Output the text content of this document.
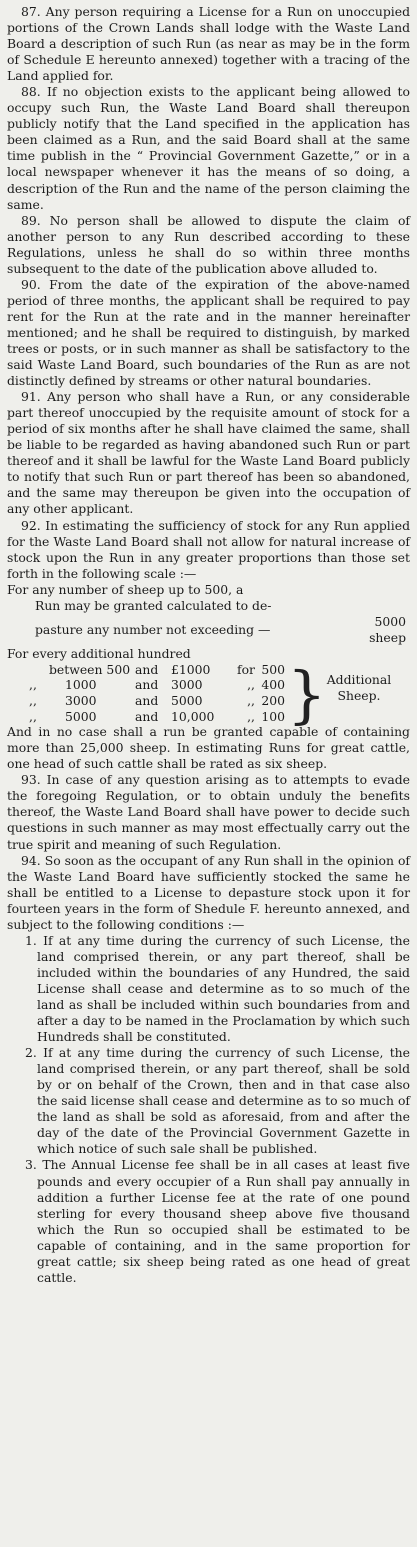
87. Any person requiring a License for a Run on unoccupied portions of the Crown Lands shall lodge with the Waste Land Board a description of such Run (as near as may be in the form of Schedule E hereunto annexed) together with a tracing of the Land applied for.

88. If no objection exists to the applicant being allowed to occupy such Run, the Waste Land Board shall thereupon publicly notify that the Land specified in the application has been claimed as a Run, and the said Board shall at the same time publish in the “ Provincial Government Gazette,” or in a local newspaper whenever it has the means of so doing, a description of the Run and the name of the person claiming the same.

89. No person shall be allowed to dispute the claim of another person to any Run described according to these Regulations, unless he shall do so within three months subsequent to the date of the publication above alluded to.

90. From the date of the expiration of the above-named period of three months, the applicant shall be required to pay rent for the Run at the rate and in the manner hereinafter mentioned; and he shall be required to distinguish, by marked trees or posts, or in such manner as shall be satisfactory to the said Waste Land Board, such boundaries of the Run as are not distinctly defined by streams or other natural boundaries.

91. Any person who shall have a Run, or any considerable part thereof unoccupied by the requisite amount of stock for a period of six months after he shall have claimed the same, shall be liable to be regarded as having abandoned such Run or part thereof and it shall be lawful for the Waste Land Board publicly to notify that such Run or part thereof has been so abandoned, and the same may thereupon be given into the occupation of any other applicant.

92. In estimating the sufficiency of stock for any Run applied for the Waste Land Board shall not allow for natural increase of stock upon the Run in any greater proportions than those set forth in the following scale :—

For any number of sheep up to 500, a

Run may be granted calculated to de-

pasture any number not exceeding —
5000 sheep

For every additional hundred

between 500 and	£1000	for 500
,,	1000	and	3000	,, 400
,,	3000	and	5000	,, 200
,,	5000	and	10,000	,, 100 } Additional
Sheep.

And in no case shall a run be granted capable of containing more than 25,000 sheep. In estimating Runs for great cattle, one head of such cattle shall be rated as six sheep.

93. In case of any question arising as to attempts to evade the foregoing Regulation, or to obtain unduly the benefits thereof, the Waste Land Board shall have power to decide such questions in such manner as may most effectually carry out the true spirit and meaning of such Regulation.

94. So soon as the occupant of any Run shall in the opinion of the Waste Land Board have sufficiently stocked the same he shall be entitled to a License to depasture stock upon it for fourteen years in the form of Shedule F. hereunto annexed, and subject to the following conditions :—

1. If at any time during the currency of such License, the land comprised therein, or any part thereof, shall be included within the boundaries of any Hundred, the said License shall cease and determine as to so much of the land as shall be included within such boundaries from and after a day to be named in the Proclamation by which such Hundreds shall be constituted.

2. If at any time during the currency of such License, the land comprised therein, or any part thereof, shall be sold by or on behalf of the Crown, then and in that case also the said license shall cease and determine as to so much of the land as shall be sold as aforesaid, from and after the day of the date of the Provincial Government Gazette in which notice of such sale shall be published.

3. The Annual License fee shall be in all cases at least five pounds and every occupier of a Run shall pay annually in addition a further License fee at the rate of one pound sterling for every thousand sheep above five thousand which the Run so occupied shall be estimated to be capable of containing, and in the same proportion for great cattle; six sheep being rated as one head of great cattle.
